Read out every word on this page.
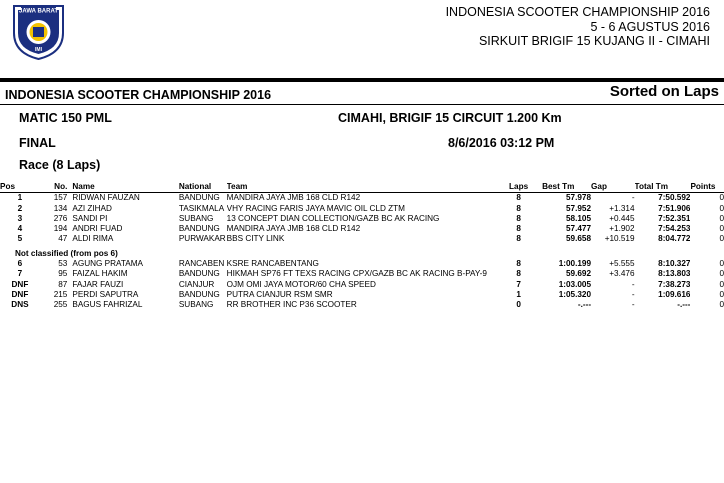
JAWA BARAT
IMI
INDONESIA SCOOTER CHAMPIONSHIP 2016
5 - 6 AGUSTUS 2016
SIRKUIT BRIGIF 15 KUJANG II - CIMAHI
INDONESIA SCOOTER CHAMPIONSHIP 2016	Sorted on Laps
MATIC 150 PML	CIMAHI, BRIGIF 15 CIRCUIT 1.200 Km
FINAL	8/6/2016 03:12 PM
Race (8 Laps)
Pos	No.	Name	National	Team	Laps	Best Tm	Gap	Total Tm	Points
1	157	RIDWAN FAUZAN	BANDUNG	MANDIRA JAYA JMB 168 CLD R142	8	57.978	-	7:50.592	0
2	134	AZI ZIHAD	TASIKMALA	VHY RACING FARIS JAYA MAVIC OIL CLD ZTM	8	57.952	+1.314	7:51.906	0
3	276	SANDI PI	SUBANG	13 CONCEPT DIAN COLLECTION/GAZB BC AK RACING	8	58.105	+0.445	7:52.351	0
4	194	ANDRI FUAD	BANDUNG	MANDIRA JAYA JMB 168 CLD R142	8	57.477	+1.902	7:54.253	0
5	47	ALDI RIMA	PURWAKAR	BBS CITY LINK	8	59.658	+10.519	8:04.772	0
Not classified (from pos 6)									
6	53	AGUNG PRATAMA	RANCABEN	KSRE RANCABENTANG	8	1:00.199	+5.555	8:10.327	0
7	95	FAIZAL HAKIM	BANDUNG	HIKMAH SP76 FT TEXS RACING CPX/GAZB BC AK RACING B-PAY-9	8	59.692	+3.476	8:13.803	0
DNF	87	FAJAR FAUZI	CIANJUR	OJM OMI JAYA MOTOR/60 CHA SPEED	7	1:03.005	-	7:38.273	0
DNF	215	PERDI SAPUTRA	BANDUNG	PUTRA CIANJUR RSM SMR	1	1:05.320	-	1:09.616	0
DNS	255	BAGUS FAHRIZAL	SUBANG	RR BROTHER INC P36 SCOOTER	0	-.---	-	-.---	0
